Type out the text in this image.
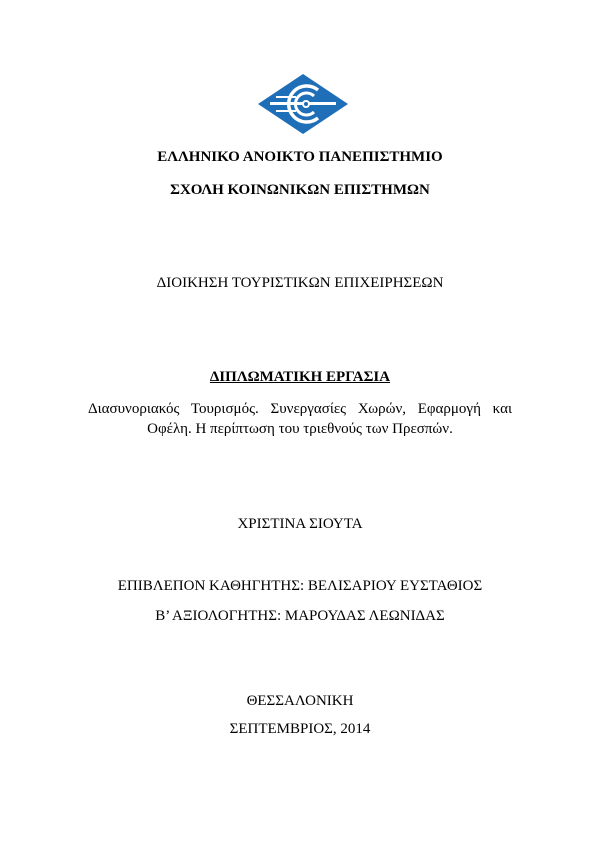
ΕΛΛΗΝΙΚΟ ΑΝΟΙΚΤΟ ΠΑΝΕΠΙΣΤΗΜΙΟ
ΣΧΟΛΗ ΚΟΙΝΩΝΙΚΩΝ ΕΠΙΣΤΗΜΩΝ
ΔΙΟΙΚΗΣΗ ΤΟΥΡΙΣΤΙΚΩΝ ΕΠΙΧΕΙΡΗΣΕΩΝ
ΔΙΠΛΩΜΑΤΙΚΗ ΕΡΓΑΣΙΑ
Διασυνοριακός Τουρισμός. Συνεργασίες Χωρών, Εφαρμογή και Οφέλη. Η περίπτωση του τριεθνούς των Πρεσπών.
ΧΡΙΣΤΙΝΑ ΣΙΟΥΤΑ
ΕΠΙΒΛΕΠΟΝ ΚΑΘΗΓΗΤΗΣ: ΒΕΛΙΣΑΡΙΟΥ ΕΥΣΤΑΘΙΟΣ
Β’ ΑΞΙΟΛΟΓΗΤΗΣ: ΜΑΡΟΥΔΑΣ ΛΕΩΝΙΔΑΣ
ΘΕΣΣΑΛΟΝΙΚΗ
ΣΕΠΤΕΜΒΡΙΟΣ, 2014
